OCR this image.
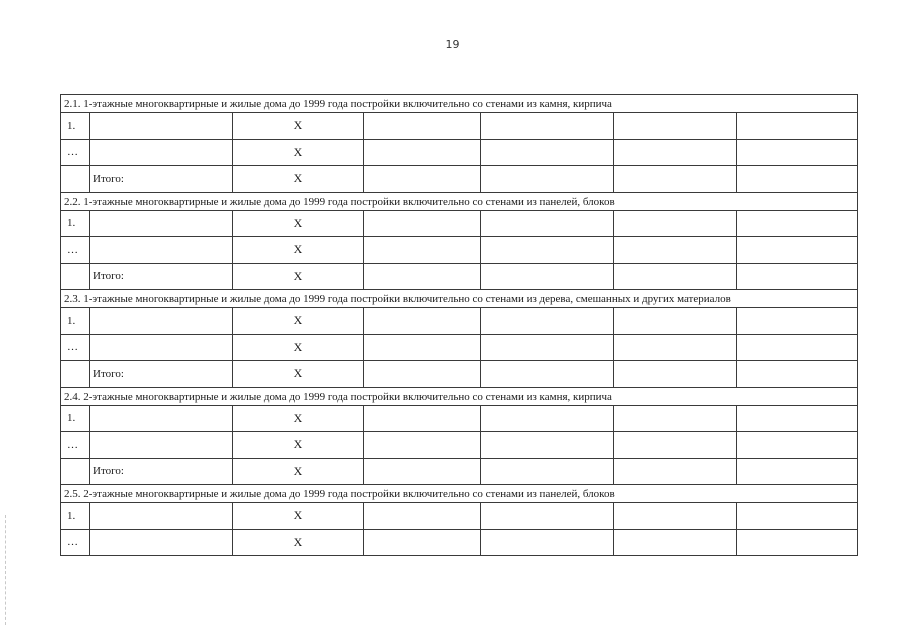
19
2.1. 1-этажные многоквартирные и жилые дома до 1999 года постройки включительно со стенами из камня, кирпича						
1.		X				
…		X				
	Итого:	X				
2.2. 1-этажные многоквартирные и жилые дома до 1999 года постройки включительно со стенами из панелей, блоков						
1.		X				
…		X				
	Итого:	X				
2.3. 1-этажные многоквартирные и жилые дома до 1999 года постройки включительно со стенами из дерева, смешанных и других материалов						
1.		X				
…		X				
	Итого:	X				
2.4. 2-этажные многоквартирные и жилые дома до 1999 года постройки включительно со стенами из камня, кирпича						
1.		X				
…		X				
	Итого:	X				
2.5. 2-этажные многоквартирные и жилые дома до 1999 года постройки включительно со стенами из панелей, блоков						
1.		X				
…		X				
